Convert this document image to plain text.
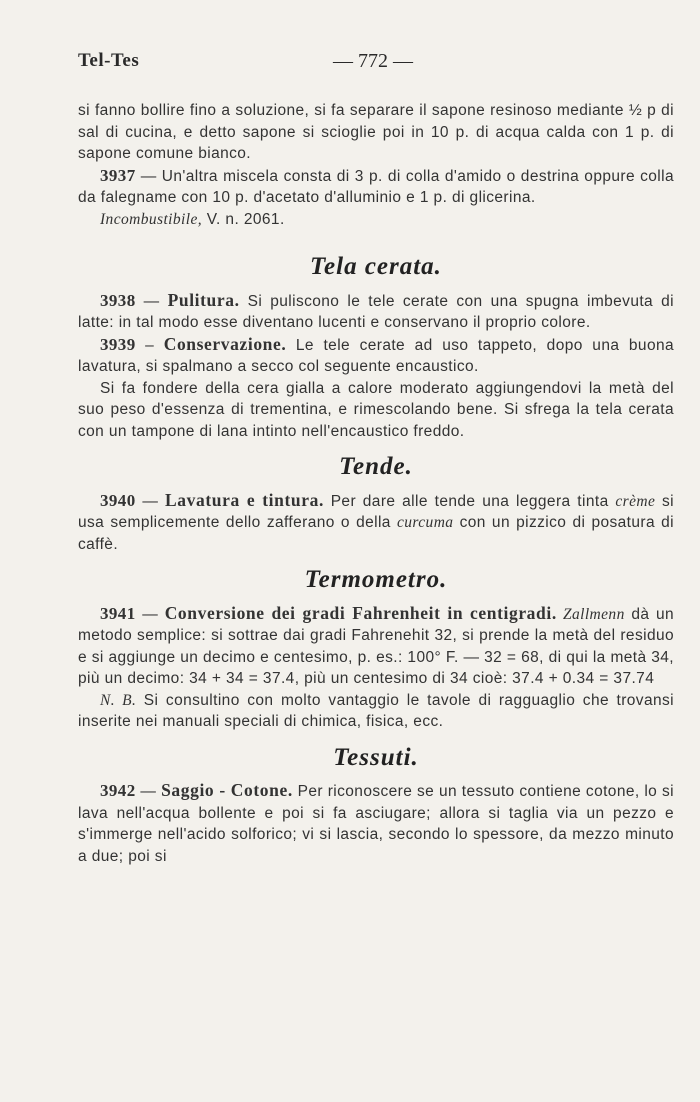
Tel-Tes	— 772 —

si fanno bollire fino a soluzione, si fa separare il sapone resinoso mediante ½ p di sal di cucina, e detto sapone si scioglie poi in 10 p. di acqua calda con 1 p. di sapone comune bianco.

3937 — Un'altra miscela consta di 3 p. di colla d'amido o destrina oppure colla da falegname con 10 p. d'acetato d'alluminio e 1 p. di glicerina.

Incombustibile, V. n. 2061.

Tela cerata.

3938 — Pulitura. Si puliscono le tele cerate con una spugna imbevuta di latte: in tal modo esse diventano lucenti e conservano il proprio colore.

3939 – Conservazione. Le tele cerate ad uso tappeto, dopo una buona lavatura, si spalmano a secco col seguente encaustico.

Si fa fondere della cera gialla a calore moderato aggiungendovi la metà del suo peso d'essenza di trementina, e rimescolando bene. Si sfrega la tela cerata con un tampone di lana intinto nell'encaustico freddo.

Tende.

3940 — Lavatura e tintura. Per dare alle tende una leggera tinta crème si usa semplicemente dello zafferano o della curcuma con un pizzico di posatura di caffè.

Termometro.

3941 — Conversione dei gradi Fahrenheit in centigradi. Zallmenn dà un metodo semplice: si sottrae dai gradi Fahrenehit 32, si prende la metà del residuo e si aggiunge un decimo e centesimo, p. es.: 100° F. — 32 = 68, di qui la metà 34, più un decimo: 34 + 34 = 37.4, più un centesimo di 34 cioè: 37.4 + 0.34 = 37.74

N. B. Si consultino con molto vantaggio le tavole di ragguaglio che trovansi inserite nei manuali speciali di chimica, fisica, ecc.

Tessuti.

3942 — Saggio - Cotone. Per riconoscere se un tessuto contiene cotone, lo si lava nell'acqua bollente e poi si fa asciugare; allora si taglia via un pezzo e s'immerge nell'acido solforico; vi si lascia, secondo lo spessore, da mezzo minuto a due; poi si
